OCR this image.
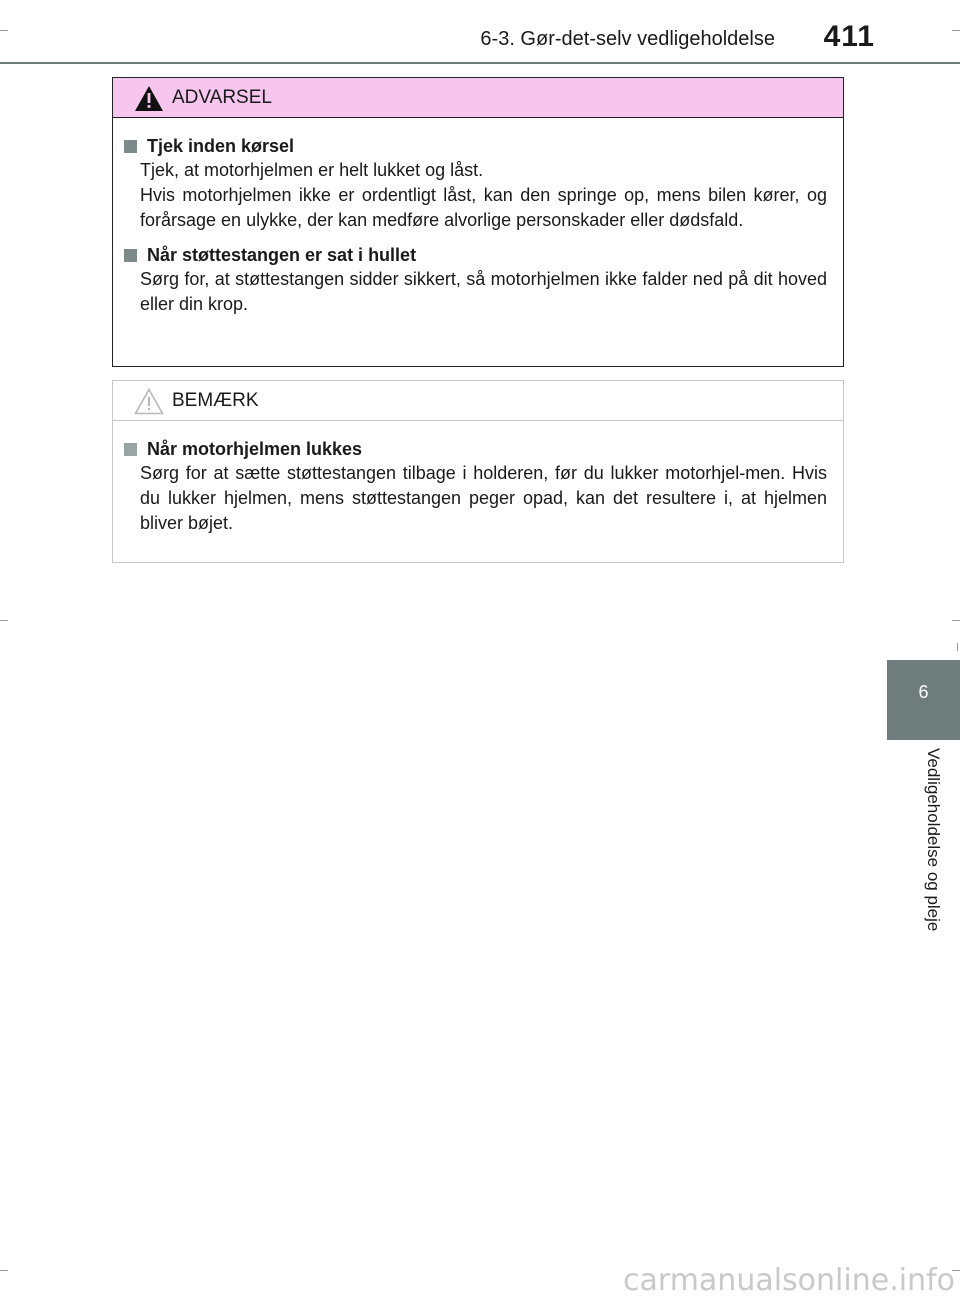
6-3. Gør-det-selv vedligeholdelse 411
6
Vedligeholdelse og pleje
ADVARSEL
Tjek inden kørsel

Tjek, at motorhjelmen er helt lukket og låst.

Hvis motorhjelmen ikke er ordentligt låst, kan den springe op, mens bilen kører, og forårsage en ulykke, der kan medføre alvorlige personskader eller dødsfald.

Når støttestangen er sat i hullet

Sørg for, at støttestangen sidder sikkert, så motorhjelmen ikke falder ned på dit hoved eller din krop.

BEMÆRK
Når motorhjelmen lukkes

Sørg for at sætte støttestangen tilbage i holderen, før du lukker motorhjel-men. Hvis du lukker hjelmen, mens støttestangen peger opad, kan det resultere i, at hjelmen bliver bøjet.

carmanualsonline.info
